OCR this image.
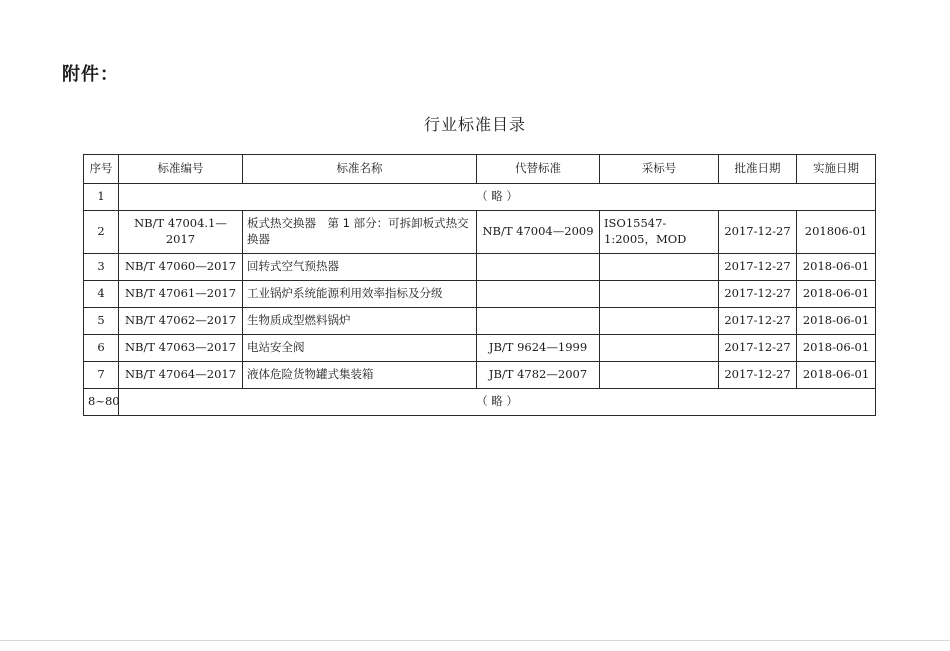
附件：
行业标准目录
序号	标准编号	标准名称	代替标准	采标号	批准日期	实施日期
1	（ 略 ）					
2	NB/T 47004.1—2017	板式热交换器　第 1 部分：可拆卸板式热交换器	NB/T 47004—2009	ISO15547-1:2005，MOD	2017-12-27	201806-01
3	NB/T 47060—2017	回转式空气预热器			2017-12-27	2018-06-01
4	NB/T 47061—2017	工业锅炉系统能源利用效率指标及分级			2017-12-27	2018-06-01
5	NB/T 47062—2017	生物质成型燃料锅炉			2017-12-27	2018-06-01
6	NB/T 47063—2017	电站安全阀	JB/T 9624—1999		2017-12-27	2018-06-01
7	NB/T 47064—2017	液体危险货物罐式集装箱	JB/T 4782—2007		2017-12-27	2018-06-01
8~80	（ 略 ）					
